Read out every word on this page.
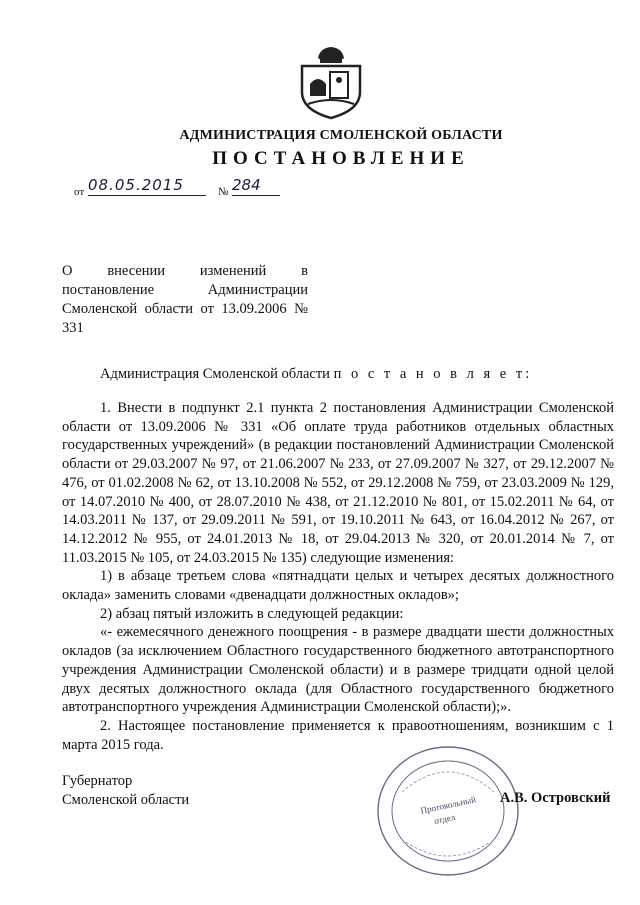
АДМИНИСТРАЦИЯ СМОЛЕНСКОЙ ОБЛАСТИ
ПОСТАНОВЛЕНИЕ
от 08.05.2015	№ 284
О внесении изменений в постановление Администрации Смоленской области от 13.09.2006 № 331
Администрация Смоленской области п о с т а н о в л я е т:

1. Внести в подпункт 2.1 пункта 2 постановления Администрации Смоленской области от 13.09.2006 № 331 «Об оплате труда работников отдельных областных государственных учреждений» (в редакции постановлений Администрации Смоленской области от 29.03.2007 № 97, от 21.06.2007 № 233, от 27.09.2007 № 327, от 29.12.2007 № 476, от 01.02.2008 № 62, от 13.10.2008 № 552, от 29.12.2008 № 759, от 23.03.2009 № 129, от 14.07.2010 № 400, от 28.07.2010 № 438, от 21.12.2010 № 801, от 15.02.2011 № 64, от 14.03.2011 № 137, от 29.09.2011 № 591, от 19.10.2011 № 643, от 16.04.2012 № 267, от 14.12.2012 № 955, от 24.01.2013 № 18, от 29.04.2013 № 320, от 20.01.2014 № 7, от 11.03.2015 № 105, от 24.03.2015 № 135) следующие изменения:

1) в абзаце третьем слова «пятнадцати целых и четырех десятых должностного оклада» заменить словами «двенадцати должностных окладов»;

2) абзац пятый изложить в следующей редакции:

«- ежемесячного денежного поощрения - в размере двадцати шести должностных окладов (за исключением Областного государственного бюджетного автотранспортного учреждения Администрации Смоленской области) и в размере тридцати одной целой двух десятых должностного оклада (для Областного государственного бюджетного автотранспортного учреждения Администрации Смоленской области);».

2. Настоящее постановление применяется к правоотношениям, возникшим с 1 марта 2015 года.

Губернатор
Смоленской области	Протокольный
отдел
А.В. Островский
